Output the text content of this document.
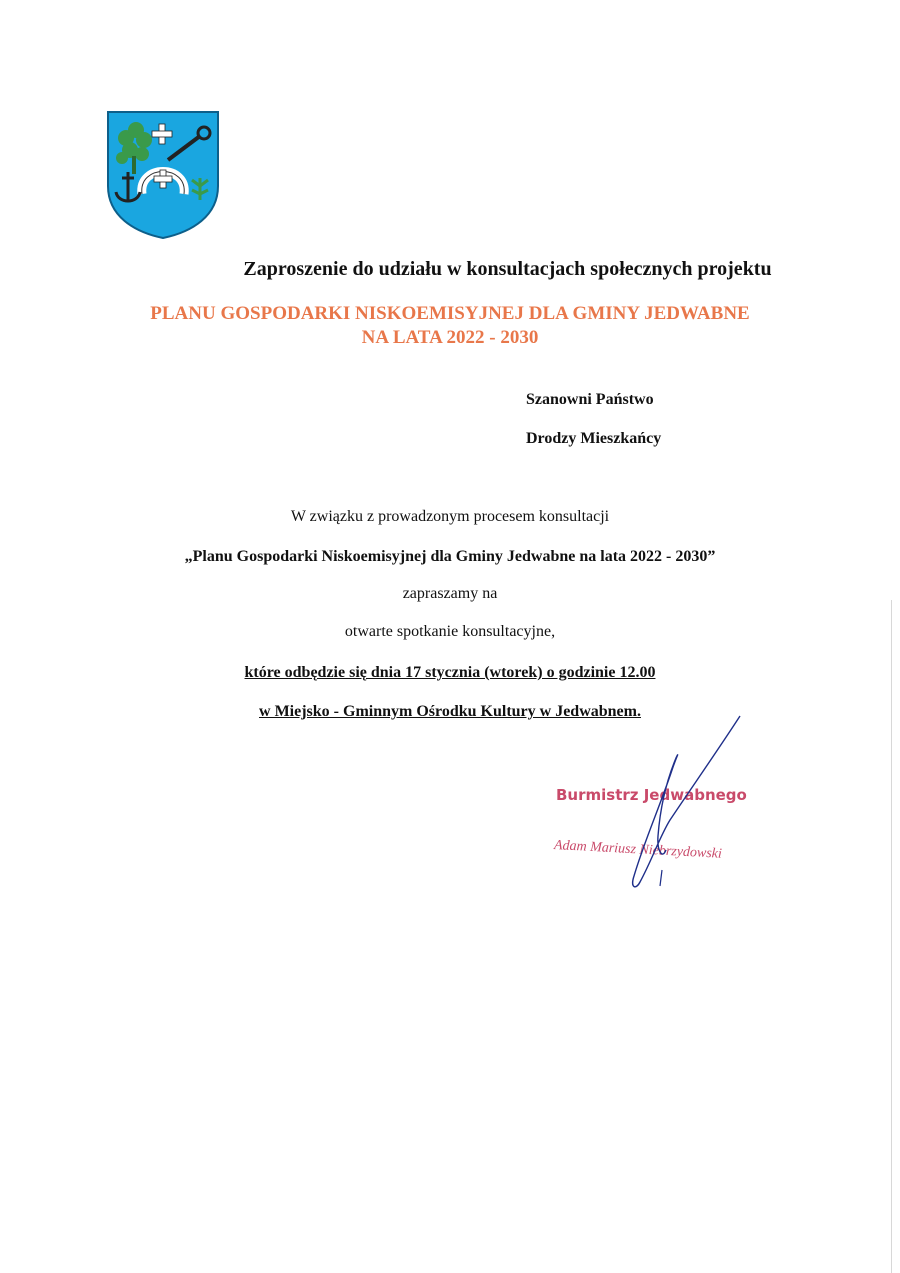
Zaproszenie do udziału w konsultacjach społecznych projektu
PLANU GOSPODARKI NISKOEMISYJNEJ DLA GMINY JEDWABNE
NA LATA 2022 - 2030
Szanowni Państwo
Drodzy Mieszkańcy
W związku z prowadzonym procesem konsultacji
„Planu Gospodarki Niskoemisyjnej dla Gminy Jedwabne na lata 2022 - 2030”
zapraszamy na
otwarte spotkanie konsultacyjne,
które odbędzie się dnia 17 stycznia (wtorek) o godzinie 12.00
w Miejsko - Gminnym Ośrodku Kultury w Jedwabnem.
Burmistrz Jedwabnego
Adam Mariusz Niebrzydowski
